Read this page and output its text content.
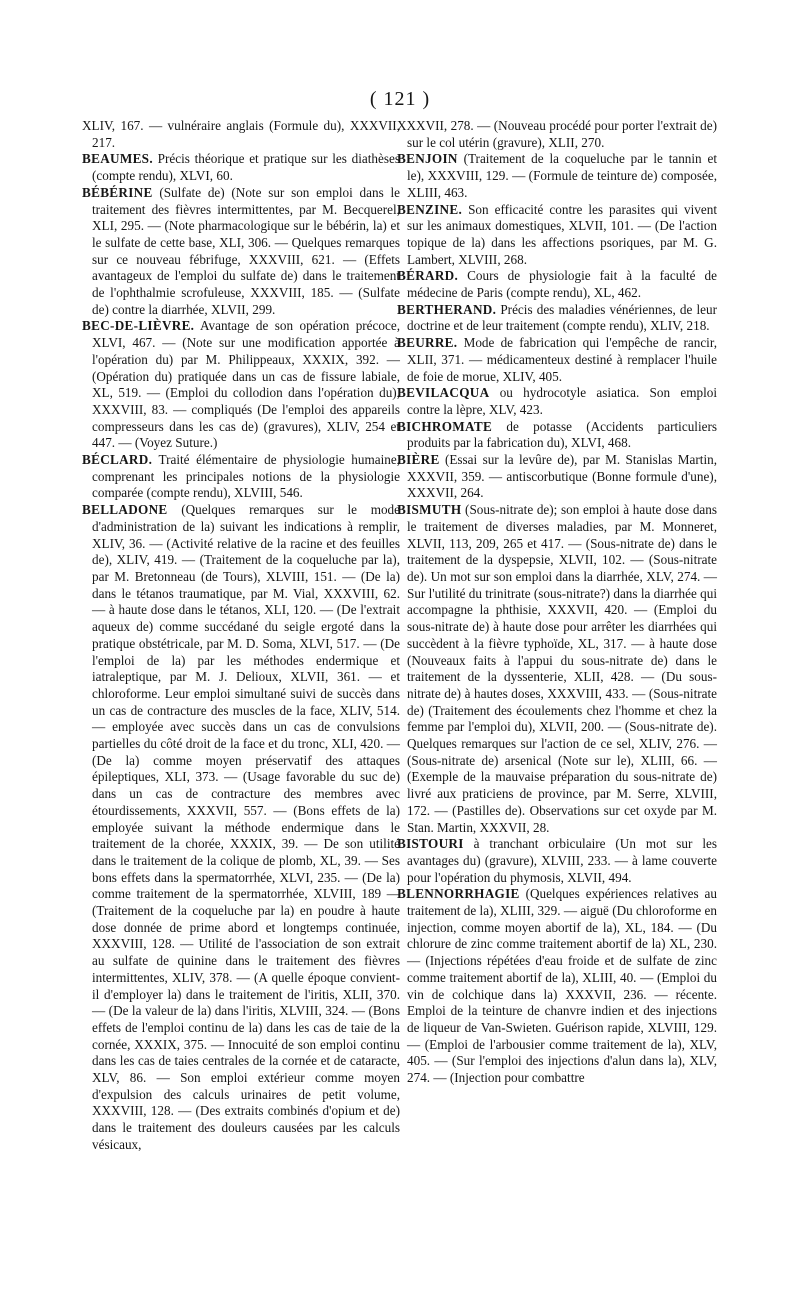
( 121 )

XLIV, 167. — vulnéraire anglais (Formule du), XXXVII, 217.

BEAUMES. Précis théorique et pratique sur les diathèses (compte rendu), XLVI, 60.

BÉBÉRINE (Sulfate de) (Note sur son emploi dans le traitement des fièvres intermittentes, par M. Becquerel, XLI, 295. — (Note pharmacologique sur le bébérin, la) et le sulfate de cette base, XLI, 306. — Quelques remarques sur ce nouveau fébrifuge, XXXVIII, 621. — (Effets avantageux de l'emploi du sulfate de) dans le traitement de l'ophthalmie scrofuleuse, XXXVIII, 185. — (Sulfate de) contre la diarrhée, XLVII, 299.

BEC-DE-LIÈVRE. Avantage de son opération précoce, XLVI, 467. — (Note sur une modification apportée à l'opération du) par M. Philippeaux, XXXIX, 392. — (Opération du) pratiquée dans un cas de fissure labiale, XL, 519. — (Emploi du collodion dans l'opération du), XXXVIII, 83. — compliqués (De l'emploi des appareils compresseurs dans les cas de) (gravures), XLIV, 254 et 447. — (Voyez Suture.)

BÉCLARD. Traité élémentaire de physiologie humaine, comprenant les principales notions de la physiologie comparée (compte rendu), XLVIII, 546.

BELLADONE (Quelques remarques sur le mode d'administration de la) suivant les indications à remplir, XLIV, 36. — (Activité relative de la racine et des feuilles de), XLIV, 419. — (Traitement de la coqueluche par la), par M. Bretonneau (de Tours), XLVIII, 151. — (De la) dans le tétanos traumatique, par M. Vial, XXXVIII, 62. — à haute dose dans le tétanos, XLI, 120. — (De l'extrait aqueux de) comme succédané du seigle ergoté dans la pratique obstétricale, par M. D. Soma, XLVI, 517. — (De l'emploi de la) par les méthodes endermique et iatraleptique, par M. J. Delioux, XLVII, 361. — et chloroforme. Leur emploi simultané suivi de succès dans un cas de contracture des muscles de la face, XLIV, 514. — employée avec succès dans un cas de convulsions partielles du côté droit de la face et du tronc, XLI, 420. — (De la) comme moyen préservatif des attaques épileptiques, XLI, 373. — (Usage favorable du suc de) dans un cas de contracture des membres avec étourdissements, XXXVII, 557. — (Bons effets de la) employée suivant la méthode endermique dans le traitement de la chorée, XXXIX, 39. — De son utilité dans le traitement de la colique de plomb, XL, 39. — Ses bons effets dans la spermatorrhée, XLVI, 235. — (De la) comme traitement de la spermatorrhée, XLVIII, 189 — (Traitement de la coqueluche par la) en poudre à haute dose donnée de prime abord et longtemps continuée, XXXVIII, 128. — Utilité de l'association de son extrait au sulfate de quinine dans le traitement des fièvres intermittentes, XLIV, 378. — (A quelle époque convient-il d'employer la) dans le traitement de l'iritis, XLII, 370. — (De la valeur de la) dans l'iritis, XLVIII, 324. — (Bons effets de l'emploi continu de la) dans les cas de taie de la cornée, XXXIX, 375. — Innocuité de son emploi continu dans les cas de taies centrales de la cornée et de cataracte, XLV, 86. — Son emploi extérieur comme moyen d'expulsion des calculs urinaires de petit volume, XXXVIII, 128. — (Des extraits combinés d'opium et de) dans le traitement des douleurs causées par les calculs vésicaux,

XXXVII, 278. — (Nouveau procédé pour porter l'extrait de) sur le col utérin (gravure), XLII, 270.

BENJOIN (Traitement de la coqueluche par le tannin et le), XXXVIII, 129. — (Formule de teinture de) composée, XLIII, 463.

BENZINE. Son efficacité contre les parasites qui vivent sur les animaux domestiques, XLVII, 101. — (De l'action topique de la) dans les affections psoriques, par M. G. Lambert, XLVIII, 268.

BÉRARD. Cours de physiologie fait à la faculté de médecine de Paris (compte rendu), XL, 462.

BERTHERAND. Précis des maladies vénériennes, de leur doctrine et de leur traitement (compte rendu), XLIV, 218.

BEURRE. Mode de fabrication qui l'empêche de rancir, XLII, 371. — médicamenteux destiné à remplacer l'huile de foie de morue, XLIV, 405.

BEVILACQUA ou hydrocotyle asiatica. Son emploi contre la lèpre, XLV, 423.

BICHROMATE de potasse (Accidents particuliers produits par la fabrication du), XLVI, 468.

BIÈRE (Essai sur la levûre de), par M. Stanislas Martin, XXXVII, 359. — antiscorbutique (Bonne formule d'une), XXXVII, 264.

BISMUTH (Sous-nitrate de); son emploi à haute dose dans le traitement de diverses maladies, par M. Monneret, XLVII, 113, 209, 265 et 417. — (Sous-nitrate de) dans le traitement de la dyspepsie, XLVII, 102. — (Sous-nitrate de). Un mot sur son emploi dans la diarrhée, XLV, 274. — Sur l'utilité du trinitrate (sous-nitrate?) dans la diarrhée qui accompagne la phthisie, XXXVII, 420. — (Emploi du sous-nitrate de) à haute dose pour arrêter les diarrhées qui succèdent à la fièvre typhoïde, XL, 317. — à haute dose (Nouveaux faits à l'appui du sous-nitrate de) dans le traitement de la dyssenterie, XLII, 428. — (Du sous-nitrate de) à hautes doses, XXXVIII, 433. — (Sous-nitrate de) (Traitement des écoulements chez l'homme et chez la femme par l'emploi du), XLVII, 200. — (Sous-nitrate de). Quelques remarques sur l'action de ce sel, XLIV, 276. — (Sous-nitrate de) arsenical (Note sur le), XLIII, 66. — (Exemple de la mauvaise préparation du sous-nitrate de) livré aux praticiens de province, par M. Serre, XLVIII, 172. — (Pastilles de). Observations sur cet oxyde par M. Stan. Martin, XXXVII, 28.

BISTOURI à tranchant orbiculaire (Un mot sur les avantages du) (gravure), XLVIII, 233. — à lame couverte pour l'opération du phymosis, XLVII, 494.

BLENNORRHAGIE (Quelques expériences relatives au traitement de la), XLIII, 329. — aiguë (Du chloroforme en injection, comme moyen abortif de la), XL, 184. — (Du chlorure de zinc comme traitement abortif de la) XL, 230. — (Injections répétées d'eau froide et de sulfate de zinc comme traitement abortif de la), XLIII, 40. — (Emploi du vin de colchique dans la) XXXVII, 236. — récente. Emploi de la teinture de chanvre indien et des injections de liqueur de Van-Swieten. Guérison rapide, XLVIII, 129. — (Emploi de l'arbousier comme traitement de la), XLV, 405. — (Sur l'emploi des injections d'alun dans la), XLV, 274. — (Injection pour combattre
